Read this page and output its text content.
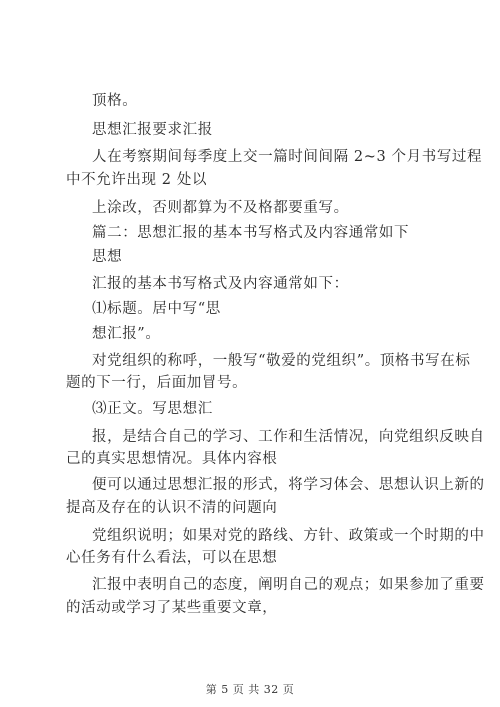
顶格。
思想汇报要求汇报
人在考察期间每季度上交一篇时间间隔 2~3 个月书写过程
中不允许出现 2 处以
上涂改，否则都算为不及格都要重写。
篇二：思想汇报的基本书写格式及内容通常如下
思想
汇报的基本书写格式及内容通常如下：
⑴标题。居中写“思
想汇报”。
对党组织的称呼，一般写“敬爱的党组织”。顶格书写在标
题的下一行，后面加冒号。
⑶正文。写思想汇
报，是结合自己的学习、工作和生活情况，向党组织反映自
己的真实思想情况。具体内容根
便可以通过思想汇报的形式，将学习体会、思想认识上新的
提高及存在的认识不清的问题向
党组织说明；如果对党的路线、方针、政策或一个时期的中
心任务有什么看法，可以在思想
汇报中表明自己的态度，阐明自己的观点；如果参加了重要
的活动或学习了某些重要文章，
第 5 页 共 32 页
